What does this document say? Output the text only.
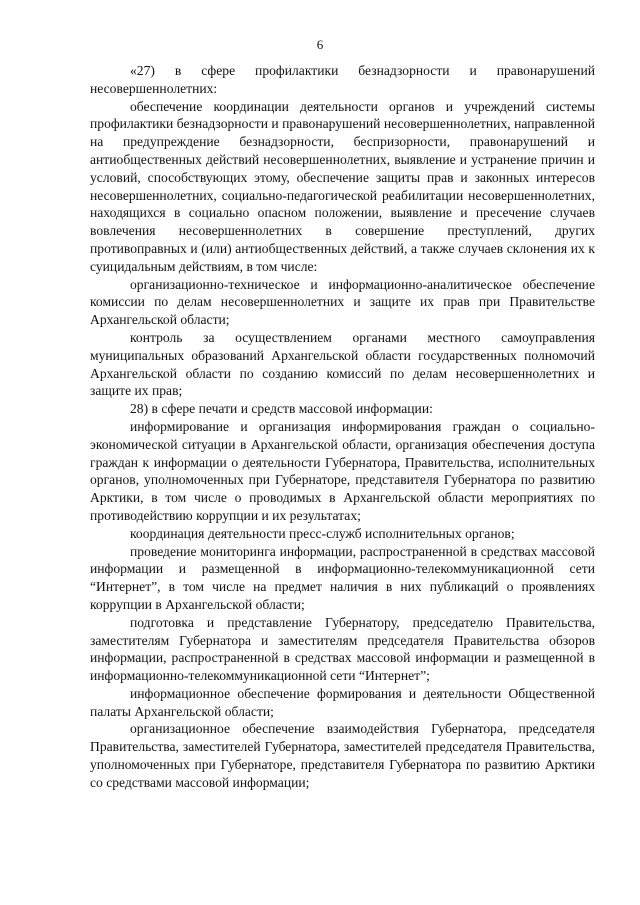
6

«27) в сфере профилактики безнадзорности и правонарушений несовершеннолетних:

обеспечение координации деятельности органов и учреждений системы профилактики безнадзорности и правонарушений несовершеннолетних, направленной на предупреждение безнадзорности, беспризорности, правонарушений и антиобщественных действий несовершеннолетних, выявление и устранение причин и условий, способствующих этому, обеспечение защиты прав и законных интересов несовершеннолетних, социально-педагогической реабилитации несовершеннолетних, находящихся в социально опасном положении, выявление и пресечение случаев вовлечения несовершеннолетних в совершение преступлений, других противоправных и (или) антиобщественных действий, а также случаев склонения их к суицидальным действиям, в том числе:

организационно-техническое и информационно-аналитическое обеспечение комиссии по делам несовершеннолетних и защите их прав при Правительстве Архангельской области;

контроль за осуществлением органами местного самоуправления муниципальных образований Архангельской области государственных полномочий Архангельской области по созданию комиссий по делам несовершеннолетних и защите их прав;

28) в сфере печати и средств массовой информации:

информирование и организация информирования граждан о социально-экономической ситуации в Архангельской области, организация обеспечения доступа граждан к информации о деятельности Губернатора, Правительства, исполнительных органов, уполномоченных при Губернаторе, представителя Губернатора по развитию Арктики, в том числе о проводимых в Архангельской области мероприятиях по противодействию коррупции и их результатах;

координация деятельности пресс-служб исполнительных органов;

проведение мониторинга информации, распространенной в средствах массовой информации и размещенной в информационно-телекоммуникационной сети “Интернет”, в том числе на предмет наличия в них публикаций о проявлениях коррупции в Архангельской области;

подготовка и представление Губернатору, председателю Правительства, заместителям Губернатора и заместителям председателя Правительства обзоров информации, распространенной в средствах массовой информации и размещенной в информационно-телекоммуникационной сети “Интернет”;

информационное обеспечение формирования и деятельности Общественной палаты Архангельской области;

организационное обеспечение взаимодействия Губернатора, председателя Правительства, заместителей Губернатора, заместителей председателя Правительства, уполномоченных при Губернаторе, представителя Губернатора по развитию Арктики со средствами массовой информации;
